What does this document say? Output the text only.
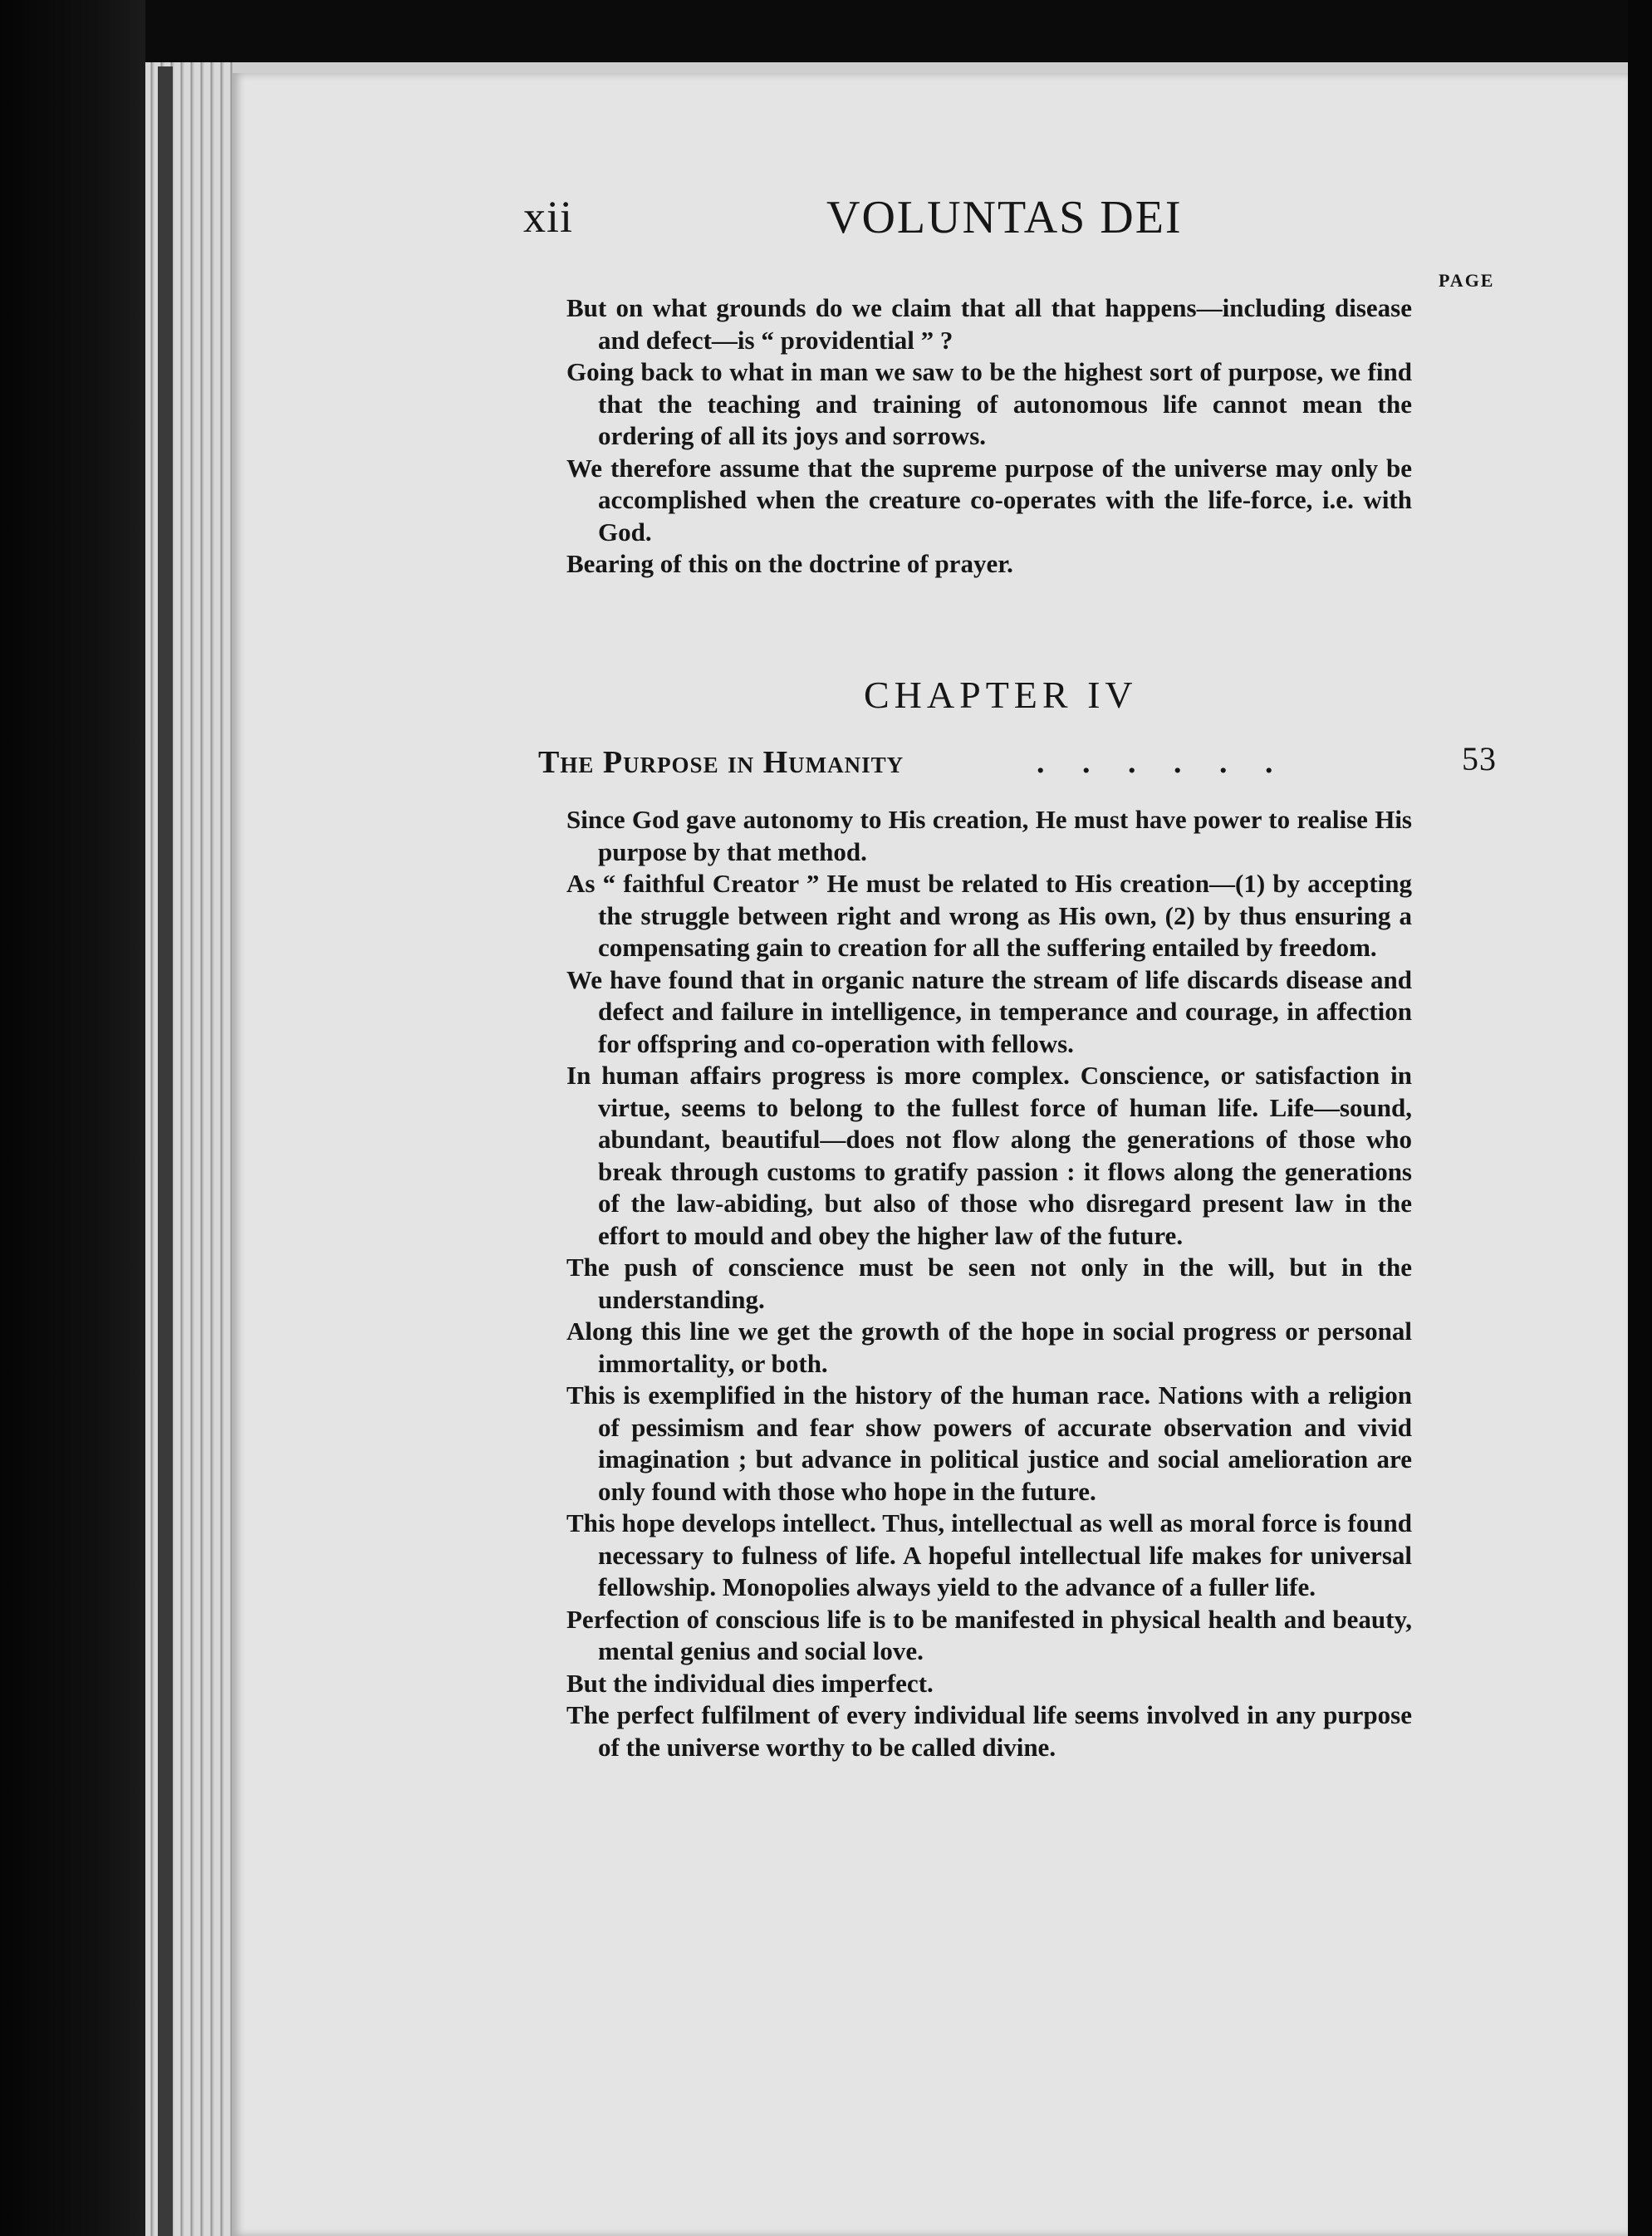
xii	VOLUNTAS DEI
PAGE

But on what grounds do we claim that all that happens—including disease and defect—is “ providential ” ?

Going back to what in man we saw to be the highest sort of purpose, we find that the teaching and training of autonomous life cannot mean the ordering of all its joys and sorrows.

We therefore assume that the supreme purpose of the universe may only be accomplished when the creature co-operates with the life-force, i.e. with God.

Bearing of this on the doctrine of prayer.

CHAPTER IV
The Purpose in Humanity	. . . . . .	53

Since God gave autonomy to His creation, He must have power to realise His purpose by that method.

As “ faithful Creator ” He must be related to His creation—(1) by accepting the struggle between right and wrong as His own, (2) by thus ensuring a compensating gain to creation for all the suffering entailed by freedom.

We have found that in organic nature the stream of life discards disease and defect and failure in intelligence, in temperance and courage, in affection for offspring and co-operation with fellows.

In human affairs progress is more complex. Conscience, or satisfaction in virtue, seems to belong to the fullest force of human life. Life—sound, abundant, beautiful—does not flow along the generations of those who break through customs to gratify passion : it flows along the generations of the law-abiding, but also of those who disregard present law in the effort to mould and obey the higher law of the future.

The push of conscience must be seen not only in the will, but in the understanding.

Along this line we get the growth of the hope in social progress or personal immortality, or both.

This is exemplified in the history of the human race. Nations with a religion of pessimism and fear show powers of accurate observation and vivid imagination ; but advance in political justice and social amelioration are only found with those who hope in the future.

This hope develops intellect. Thus, intellectual as well as moral force is found necessary to fulness of life. A hopeful intellectual life makes for universal fellowship. Monopolies always yield to the advance of a fuller life.

Perfection of conscious life is to be manifested in physical health and beauty, mental genius and social love.

But the individual dies imperfect.

The perfect fulfilment of every individual life seems involved in any purpose of the universe worthy to be called divine.
